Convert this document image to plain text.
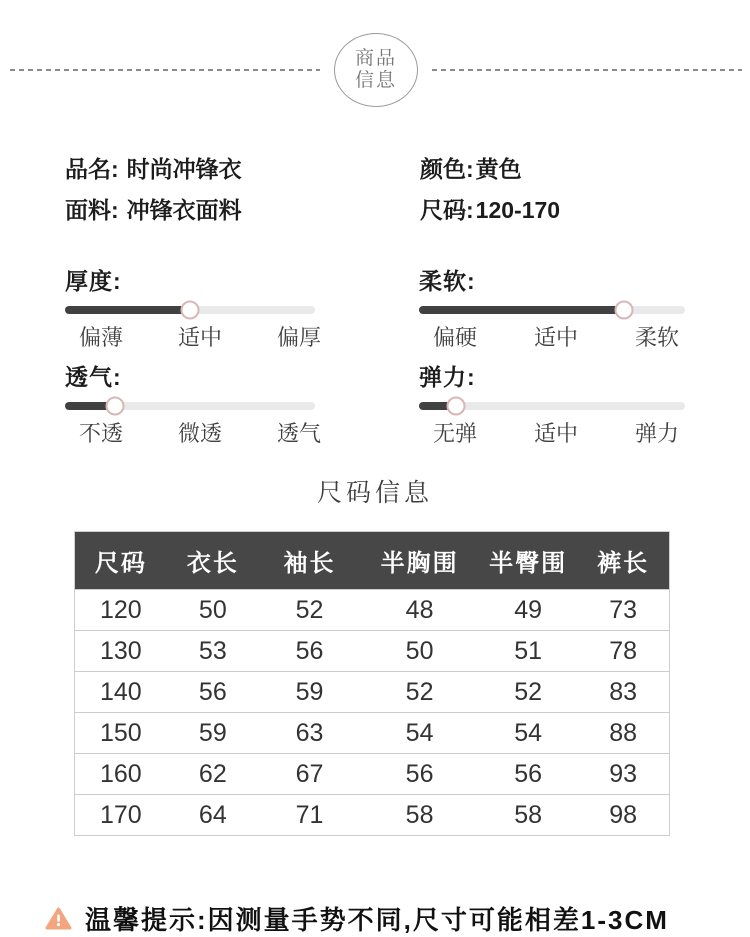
商品
信息
品名: 时尚冲锋衣	颜色:黄色
面料: 冲锋衣面料	尺码:120-170
厚度:
偏薄 适中 偏厚
柔软:
偏硬	适中	柔软
透气:
不透 微透 透气
弹力:
无弹	适中	弹力
尺码信息
尺码	衣长	袖长	半胸围	半臀围	裤长
120	50	52	48	49	73
130	53	56	50	51	78
140	56	59	52	52	83
150	59	63	54	54	88
160	62	67	56	56	93
170	64	71	58	58	98
温馨提示:因测量手势不同,尺寸可能相差1-3CM
